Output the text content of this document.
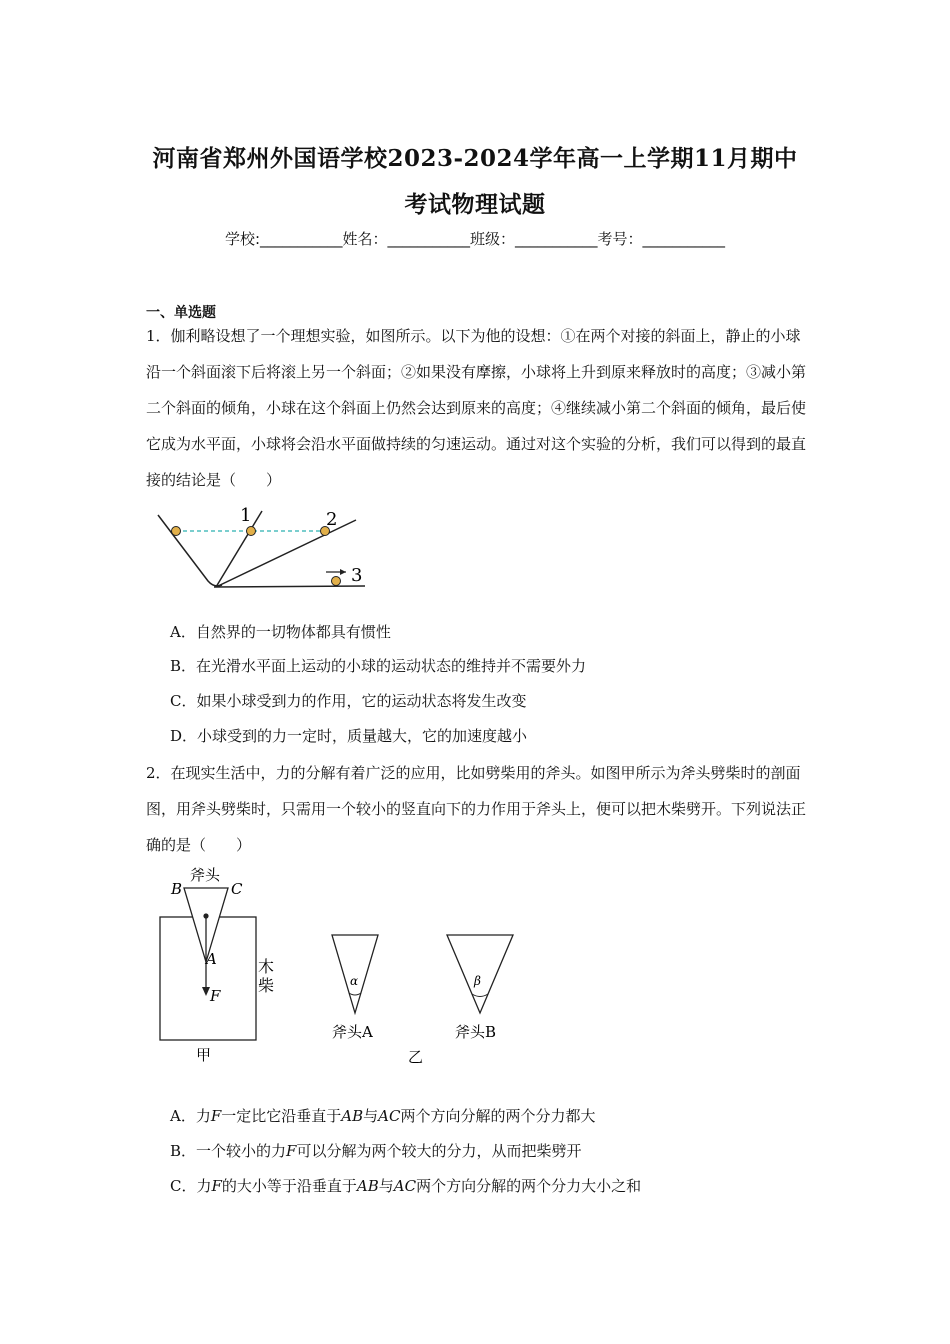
河南省郑州外国语学校2023-2024学年高一上学期11月期中
考试物理试题
学校:___________姓名：___________班级：___________考号：___________
一、单选题
1．伽利略设想了一个理想实验，如图所示。以下为他的设想：①在两个对接的斜面上，静止的小球沿一个斜面滚下后将滚上另一个斜面；②如果没有摩擦，小球将上升到原来释放时的高度；③减小第二个斜面的倾角，小球在这个斜面上仍然会达到原来的高度；④继续减小第二个斜面的倾角，最后使它成为水平面，小球将会沿水平面做持续的匀速运动。通过对这个实验的分析，我们可以得到的最直接的结论是（　　）
1	2
3
A．自然界的一切物体都具有惯性
B．在光滑水平面上运动的小球的运动状态的维持并不需要外力
C．如果小球受到力的作用，它的运动状态将发生改变
D．小球受到的力一定时，质量越大，它的加速度越小
2．在现实生活中，力的分解有着广泛的应用，比如劈柴用的斧头。如图甲所示为斧头劈柴时的剖面图，用斧头劈柴时，只需用一个较小的竖直向下的力作用于斧头上，便可以把木柴劈开。下列说法正确的是（　　）
斧头
B	C
A
F
木
柴
甲
α
斧头A
β
斧头B
乙
A．力F一定比它沿垂直于AB与AC两个方向分解的两个分力都大
B．一个较小的力F可以分解为两个较大的分力，从而把柴劈开
C．力F的大小等于沿垂直于AB与AC两个方向分解的两个分力大小之和
